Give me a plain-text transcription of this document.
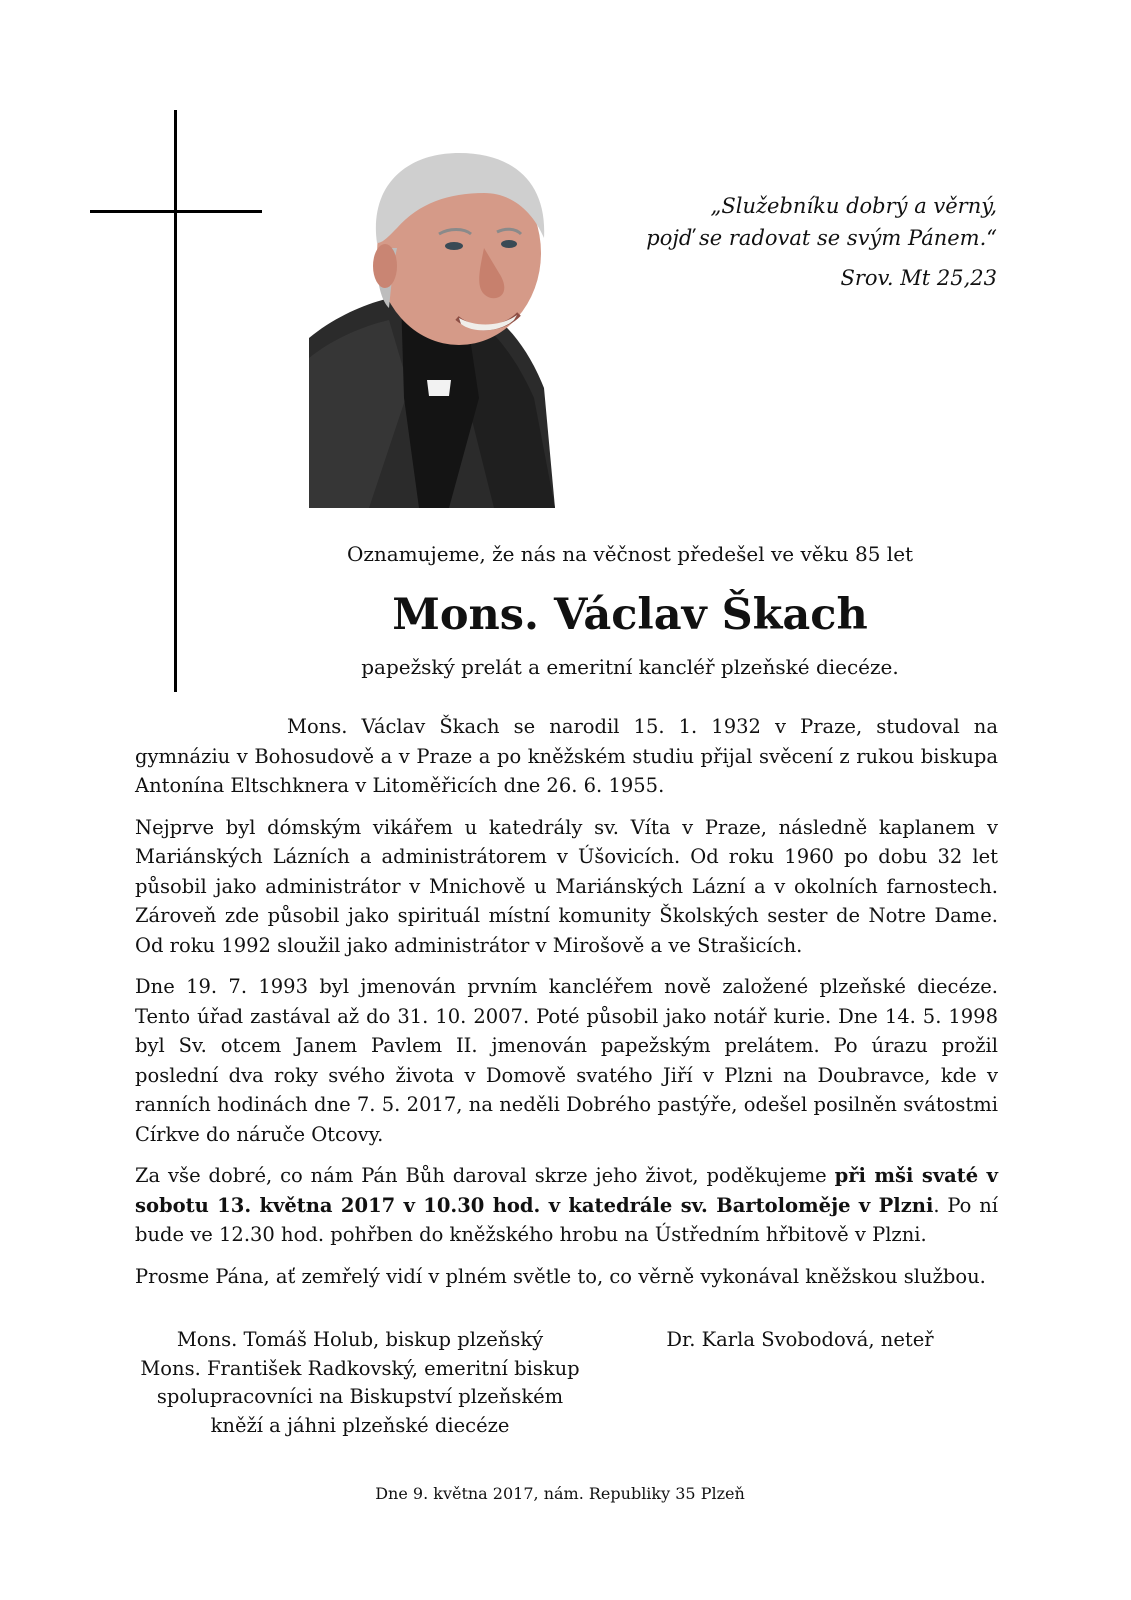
„Služebníku dobrý a věrný,
pojď se radovat se svým Pánem.“
Srov. Mt 25,23
Oznamujeme, že nás na věčnost předešel ve věku 85 let
Mons. Václav Škach
papežský prelát a emeritní kancléř plzeňské diecéze.

Mons. Václav Škach se narodil 15. 1. 1932 v Praze, studoval na gymnáziu v Bohosudově a v Praze a po kněžském studiu přijal svěcení z rukou biskupa Antonína Eltschknera v Litoměřicích dne 26. 6. 1955.

Nejprve byl dómským vikářem u katedrály sv. Víta v Praze, následně kaplanem v Mariánských Lázních a administrátorem v Úšovicích. Od roku 1960 po dobu 32 let působil jako administrátor v Mnichově u Mariánských Lázní a v okolních farnostech. Zároveň zde působil jako spirituál místní komunity Školských sester de Notre Dame. Od roku 1992 sloužil jako administrátor v Mirošově a ve Strašicích.

Dne 19. 7. 1993 byl jmenován prvním kancléřem nově založené plzeňské diecéze. Tento úřad zastával až do 31. 10. 2007. Poté působil jako notář kurie. Dne 14. 5. 1998 byl Sv. otcem Janem Pavlem II. jmenován papežským prelátem. Po úrazu prožil poslední dva roky svého života v Domově svatého Jiří v Plzni na Doubravce, kde v ranních hodinách dne 7. 5. 2017, na neděli Dobrého pastýře, odešel posilněn svátostmi Církve do náruče Otcovy.

Za vše dobré, co nám Pán Bůh daroval skrze jeho život, poděkujeme při mši svaté v sobotu 13. května 2017 v 10.30 hod. v katedrále sv. Bartoloměje v Plzni. Po ní bude ve 12.30 hod. pohřben do kněžského hrobu na Ústředním hřbitově v Plzni.

Prosme Pána, ať zemřelý vidí v plném světle to, co věrně vykonával kněžskou službou.

Mons. Tomáš Holub, biskup plzeňský
Mons. František Radkovský, emeritní biskup
spolupracovníci na Biskupství plzeňském
kněží a jáhni plzeňské diecéze
Dr. Karla Svobodová, neteř
Dne 9. května 2017, nám. Republiky 35 Plzeň
